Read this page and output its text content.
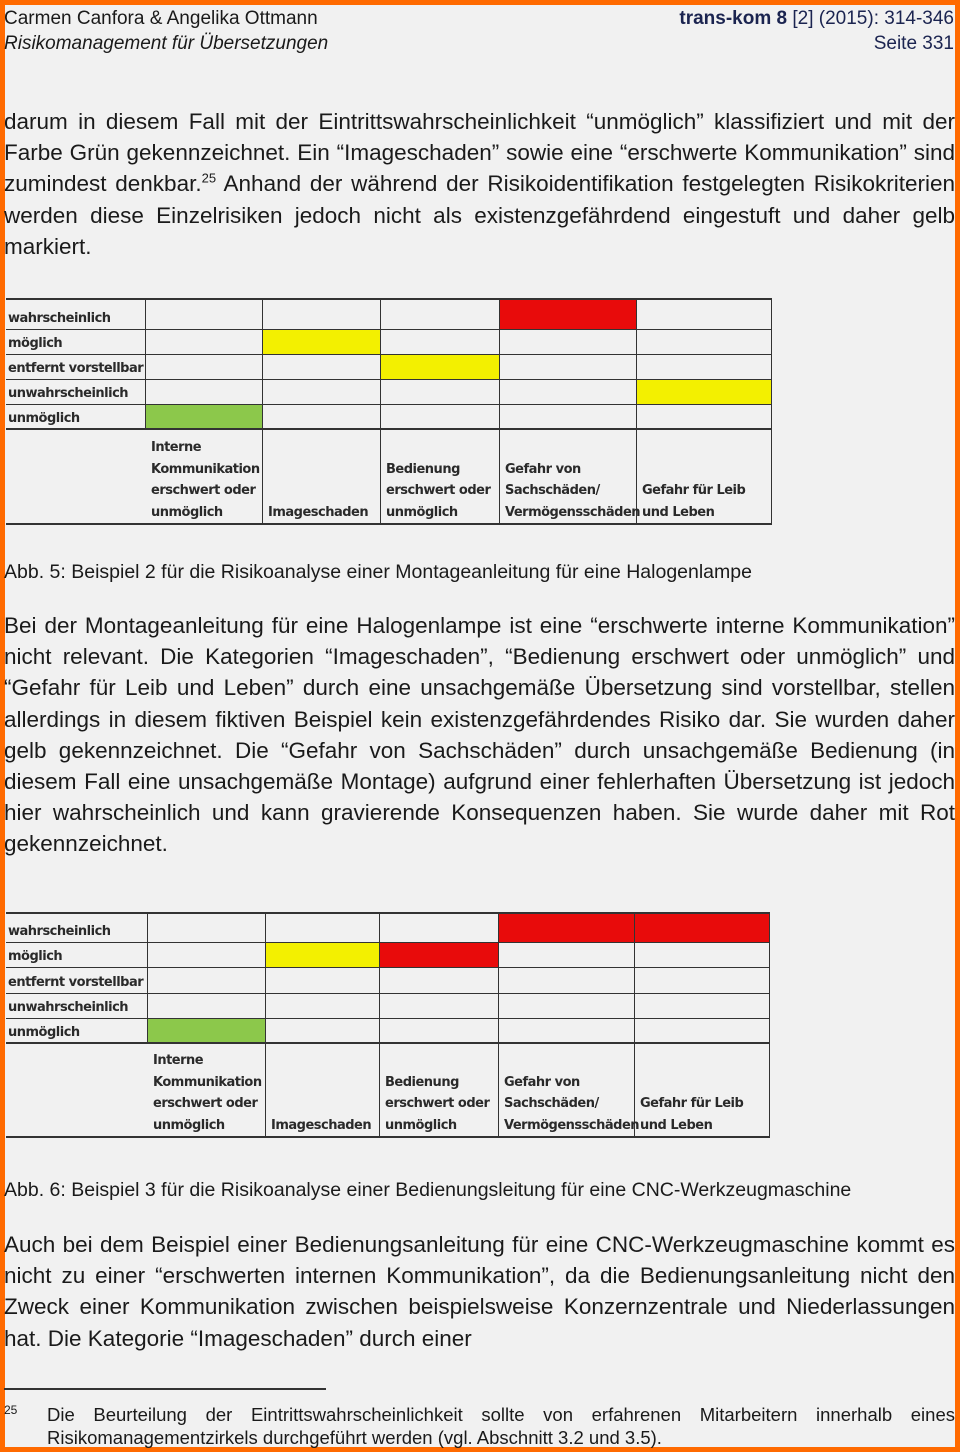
Carmen Canfora & Angelika Ottmann
Risikomanagement für Übersetzungen
trans-kom 8 [2] (2015): 314-346
Seite 331
darum in diesem Fall mit der Eintrittswahrscheinlichkeit “unmöglich” klassifiziert und mit der Farbe Grün gekennzeichnet. Ein “Imageschaden” sowie eine “erschwerte Kommunikation” sind zumindest denkbar.$^{25}$ Anhand der während der Risikoidentifikation festgelegten Risikokriterien werden diese Einzelrisiken jedoch nicht als existenzgefährdend eingestuft und daher gelb markiert.
wahrscheinlich
möglich
entfernt vorstellbar
unwahrscheinlich
unmöglich
Interne
Kommunikation
erschwert oder
unmöglich	Imageschaden
Bedienung
erschwert oder
unmöglich
Gefahr von
Sachschäden/
Vermögensschäden
Gefahr für Leib
und Leben
Abb. 5: Beispiel 2 für die Risikoanalyse einer Montageanleitung für eine Halogenlampe
Bei der Montageanleitung für eine Halogenlampe ist eine “erschwerte interne Kommunikation” nicht relevant. Die Kategorien “Imageschaden”, “Bedienung erschwert oder unmöglich” und “Gefahr für Leib und Leben” durch eine unsachgemäße Übersetzung sind vorstellbar, stellen allerdings in diesem fiktiven Beispiel kein existenzgefährdendes Risiko dar. Sie wurden daher gelb gekennzeichnet. Die “Gefahr von Sachschäden” durch unsachgemäße Bedienung (in diesem Fall eine unsachgemäße Montage) aufgrund einer fehlerhaften Übersetzung ist jedoch hier wahrscheinlich und kann gravierende Konsequenzen haben. Sie wurde daher mit Rot gekennzeichnet.
wahrscheinlich
möglich
entfernt vorstellbar
unwahrscheinlich
unmöglich
Interne
Kommunikation
erschwert oder
unmöglich	Imageschaden
Bedienung
erschwert oder
unmöglich
Gefahr von
Sachschäden/
Vermögensschäden
Gefahr für Leib
und Leben
Abb. 6: Beispiel 3 für die Risikoanalyse einer Bedienungsleitung für eine CNC-Werkzeugmaschine
Auch bei dem Beispiel einer Bedienungsanleitung für eine CNC-Werkzeugmaschine kommt es nicht zu einer “erschwerten internen Kommunikation”, da die Bedienungsanleitung nicht den Zweck einer Kommunikation zwischen beispielsweise Konzernzentrale und Niederlassungen hat. Die Kategorie “Imageschaden” durch einer
25 Die Beurteilung der Eintrittswahrscheinlichkeit sollte von erfahrenen Mitarbeitern innerhalb eines Risikomanagementzirkels durchgeführt werden (vgl. Abschnitt 3.2 und 3.5).
